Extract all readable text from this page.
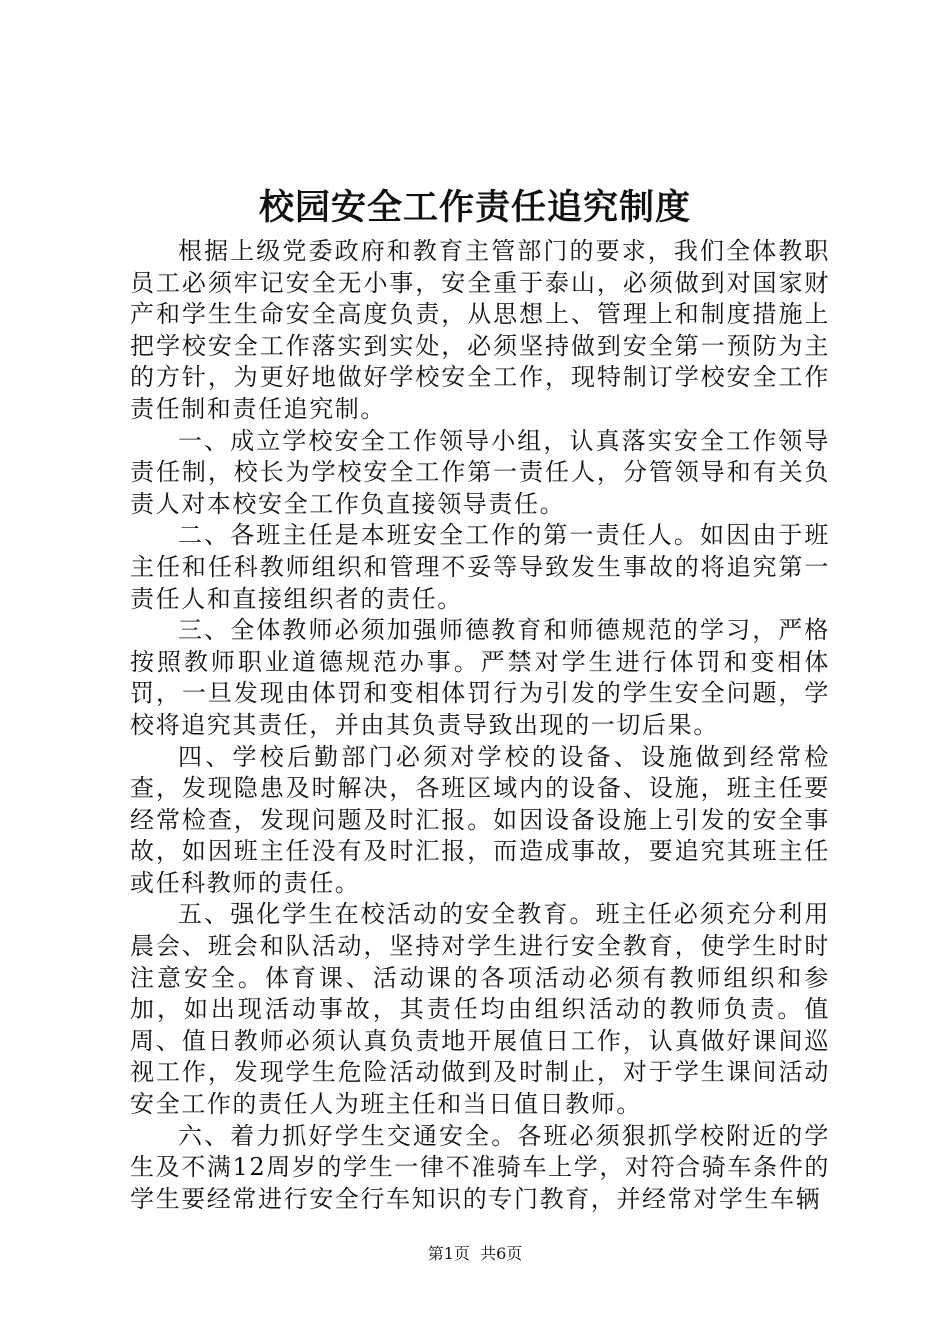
校园安全工作责任追究制度

根据上级党委政府和教育主管部门的要求，我们全体教职员工必须牢记安全无小事，安全重于泰山，必须做到对国家财产和学生生命安全高度负责，从思想上、管理上和制度措施上把学校安全工作落实到实处，必须坚持做到安全第一预防为主的方针，为更好地做好学校安全工作，现特制订学校安全工作责任制和责任追究制。

一、成立学校安全工作领导小组，认真落实安全工作领导责任制，校长为学校安全工作第一责任人，分管领导和有关负责人对本校安全工作负直接领导责任。

二、各班主任是本班安全工作的第一责任人。如因由于班主任和任科教师组织和管理不妥等导致发生事故的将追究第一责任人和直接组织者的责任。

三、全体教师必须加强师德教育和师德规范的学习，严格按照教师职业道德规范办事。严禁对学生进行体罚和变相体罚，一旦发现由体罚和变相体罚行为引发的学生安全问题，学校将追究其责任，并由其负责导致出现的一切后果。

四、学校后勤部门必须对学校的设备、设施做到经常检查，发现隐患及时解决，各班区域内的设备、设施，班主任要经常检查，发现问题及时汇报。如因设备设施上引发的安全事故，如因班主任没有及时汇报，而造成事故，要追究其班主任或任科教师的责任。

五、强化学生在校活动的安全教育。班主任必须充分利用晨会、班会和队活动，坚持对学生进行安全教育，使学生时时注意安全。体育课、活动课的各项活动必须有教师组织和参加，如出现活动事故，其责任均由组织活动的教师负责。值周、值日教师必须认真负责地开展值日工作，认真做好课间巡视工作，发现学生危险活动做到及时制止，对于学生课间活动安全工作的责任人为班主任和当日值日教师。

六、着力抓好学生交通安全。各班必须狠抓学校附近的学生及不满12周岁的学生一律不准骑车上学，对符合骑车条件的学生要经常进行安全行车知识的专门教育，并经常对学生车辆

第1页  共6页
